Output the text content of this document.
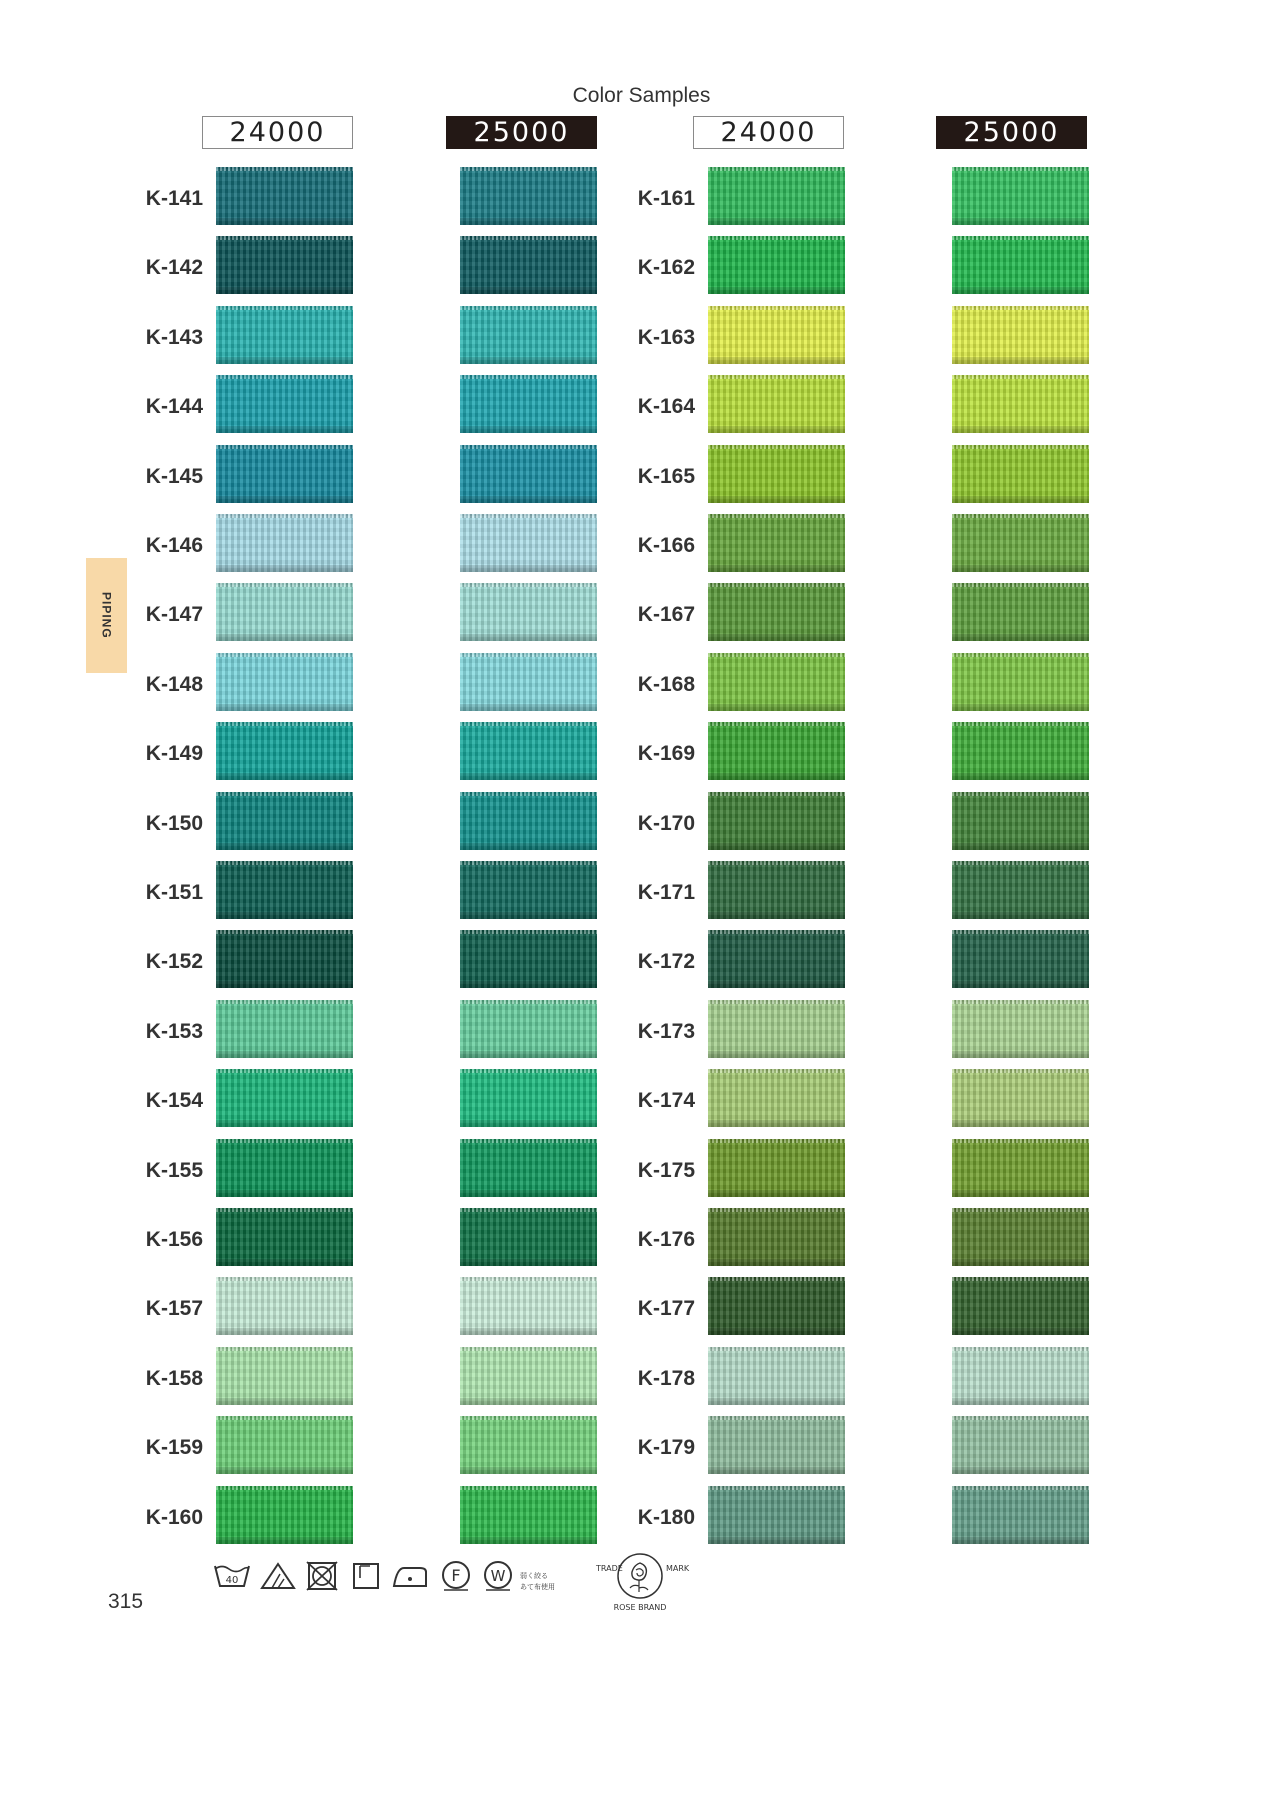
Color Samples
24000	25000	24000	25000
K-141
K-142
K-143
K-144
K-145
K-146
K-147
K-148
K-149
K-150
K-151
K-152
K-153
K-154
K-155
K-156
K-157
K-158
K-159
K-160
K-161
K-162
K-163
K-164
K-165
K-166
K-167
K-168
K-169
K-170
K-171
K-172
K-173
K-174
K-175
K-176
K-177
K-178
K-179
K-180
PIPING
315
40	F W 弱く絞る
あて布使用
TRADE	MARK
ROSE BRAND
